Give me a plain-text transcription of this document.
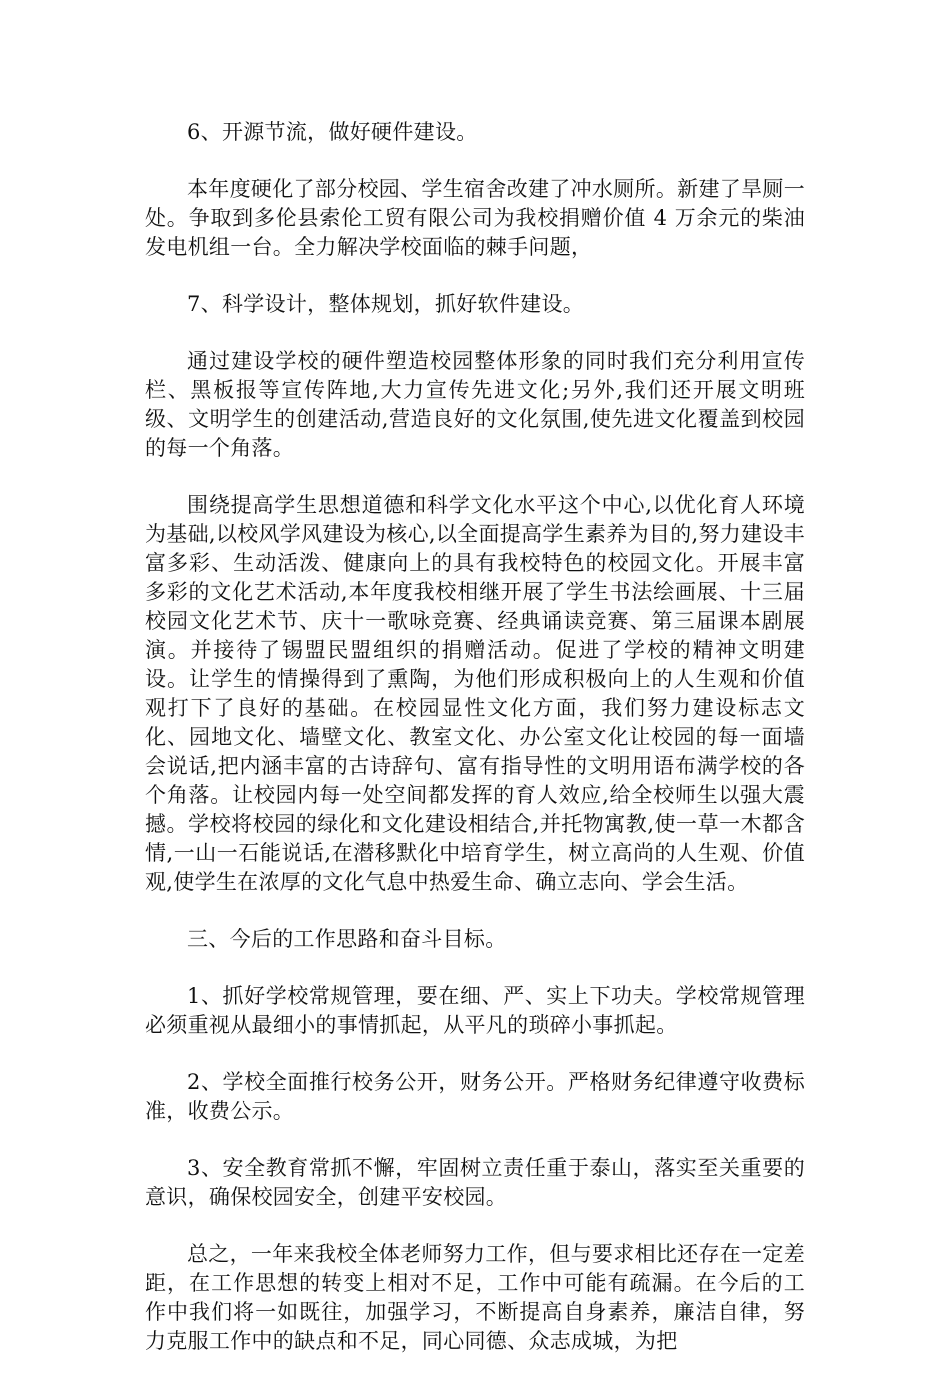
6、开源节流，做好硬件建设。

本年度硬化了部分校园、学生宿舍改建了冲水厕所。新建了旱厕一处。争取到多伦县索伦工贸有限公司为我校捐赠价值 4 万余元的柴油发电机组一台。全力解决学校面临的棘手问题，

7、科学设计，整体规划，抓好软件建设。

通过建设学校的硬件塑造校园整体形象的同时我们充分利用宣传栏、黑板报等宣传阵地,大力宣传先进文化;另外,我们还开展文明班级、文明学生的创建活动,营造良好的文化氛围,使先进文化覆盖到校园的每一个角落。

围绕提高学生思想道德和科学文化水平这个中心,以优化育人环境为基础,以校风学风建设为核心,以全面提高学生素养为目的,努力建设丰富多彩、生动活泼、健康向上的具有我校特色的校园文化。开展丰富多彩的文化艺术活动,本年度我校相继开展了学生书法绘画展、十三届校园文化艺术节、庆十一歌咏竞赛、经典诵读竞赛、第三届课本剧展演。并接待了锡盟民盟组织的捐赠活动。促进了学校的精神文明建设。让学生的情操得到了熏陶，为他们形成积极向上的人生观和价值观打下了良好的基础。在校园显性文化方面，我们努力建设标志文化、园地文化、墙壁文化、教室文化、办公室文化让校园的每一面墙会说话,把内涵丰富的古诗辞句、富有指导性的文明用语布满学校的各个角落。让校园内每一处空间都发挥的育人效应,给全校师生以强大震撼。学校将校园的绿化和文化建设相结合,并托物寓教,使一草一木都含情,一山一石能说话,在潜移默化中培育学生，树立高尚的人生观、价值观,使学生在浓厚的文化气息中热爱生命、确立志向、学会生活。

三、今后的工作思路和奋斗目标。

1、抓好学校常规管理，要在细、严、实上下功夫。学校常规管理必须重视从最细小的事情抓起，从平凡的琐碎小事抓起。

2、学校全面推行校务公开，财务公开。严格财务纪律遵守收费标准，收费公示。

3、安全教育常抓不懈，牢固树立责任重于泰山，落实至关重要的意识，确保校园安全，创建平安校园。

总之，一年来我校全体老师努力工作，但与要求相比还存在一定差距，在工作思想的转变上相对不足，工作中可能有疏漏。在今后的工作中我们将一如既往，加强学习，不断提高自身素养，廉洁自律，努力克服工作中的缺点和不足，同心同德、众志成城，为把
